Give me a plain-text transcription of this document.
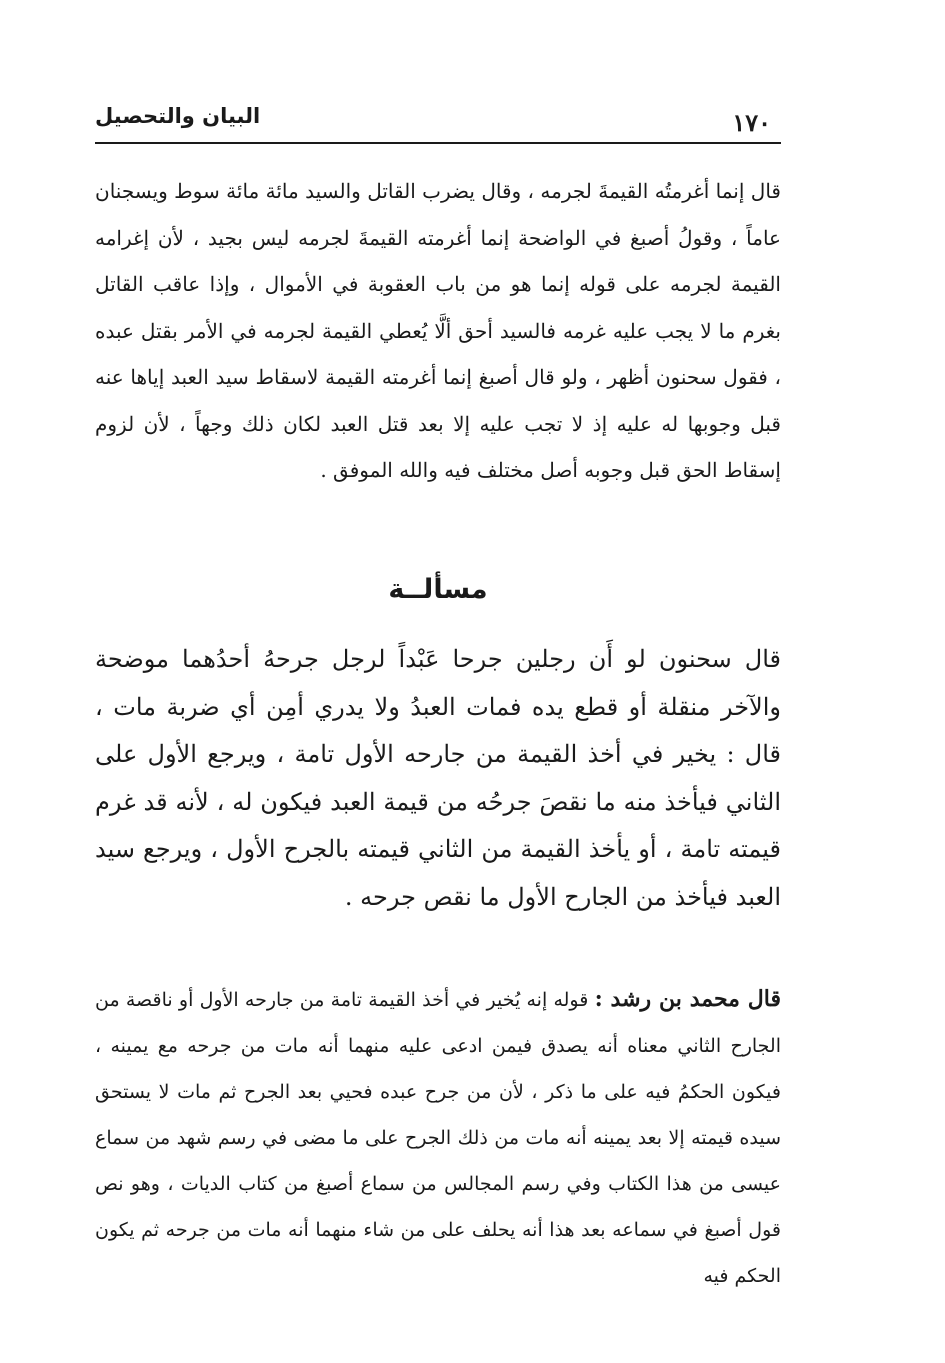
١٧٠
البيان والتحصيل

قال إنما أغرمتُه القيمةَ لجرمه ، وقال يضرب القاتل والسيد مائة مائة سوط ويسجنان عاماً ، وقولُ أصبغ في الواضحة إنما أغرمته القيمةَ لجرمه ليس بجيد ، لأن إغرامه القيمة لجرمه على قوله إنما هو من باب العقوبة في الأموال ، وإذا عاقب القاتل بغرم ما لا يجب عليه غرمه فالسيد أحق ألَّا يُعطي القيمة لجرمه في الأمر بقتل عبده ، فقول سحنون أظهر ، ولو قال أصبغ إنما أغرمته القيمة لاسقاط سيد العبد إياها عنه قبل وجوبها له عليه إذ لا تجب عليه إلا بعد قتل العبد لكان ذلك وجهاً ، لأن لزوم إسقاط الحق قبل وجوبه أصل مختلف فيه والله الموفق .

مسألــة

قال سحنون لو أَن رجلين جرحا عَبْداً لرجل جرحهُ أحدُهما موضحة والآخر منقلة أو قطع يده فمات العبدُ ولا يدري أمِن أي ضربة مات ، قال : يخير في أخذ القيمة من جارحه الأول تامة ، ويرجع الأول على الثاني فيأخذ منه ما نقصَ جرحُه من قيمة العبد فيكون له ، لأنه قد غرم قيمته تامة ، أو يأخذ القيمة من الثاني قيمته بالجرح الأول ، ويرجع سيد العبد فيأخذ من الجارح الأول ما نقص جرحه .

قال محمد بن رشد : قوله إنه يُخير في أخذ القيمة تامة من جارحه الأول أو ناقصة من الجارح الثاني معناه أنه يصدق فيمن ادعى عليه منهما أنه مات من جرحه مع يمينه ، فيكون الحكمُ فيه على ما ذكر ، لأن من جرح عبده فحيي بعد الجرح ثم مات لا يستحق سيده قيمته إلا بعد يمينه أنه مات من ذلك الجرح على ما مضى في رسم شهد من سماع عيسى من هذا الكتاب وفي رسم المجالس من سماع أصبغ من كتاب الديات ، وهو نص قول أصبغ في سماعه بعد هذا أنه يحلف على من شاء منهما أنه مات من جرحه ثم يكون الحكم فيه
